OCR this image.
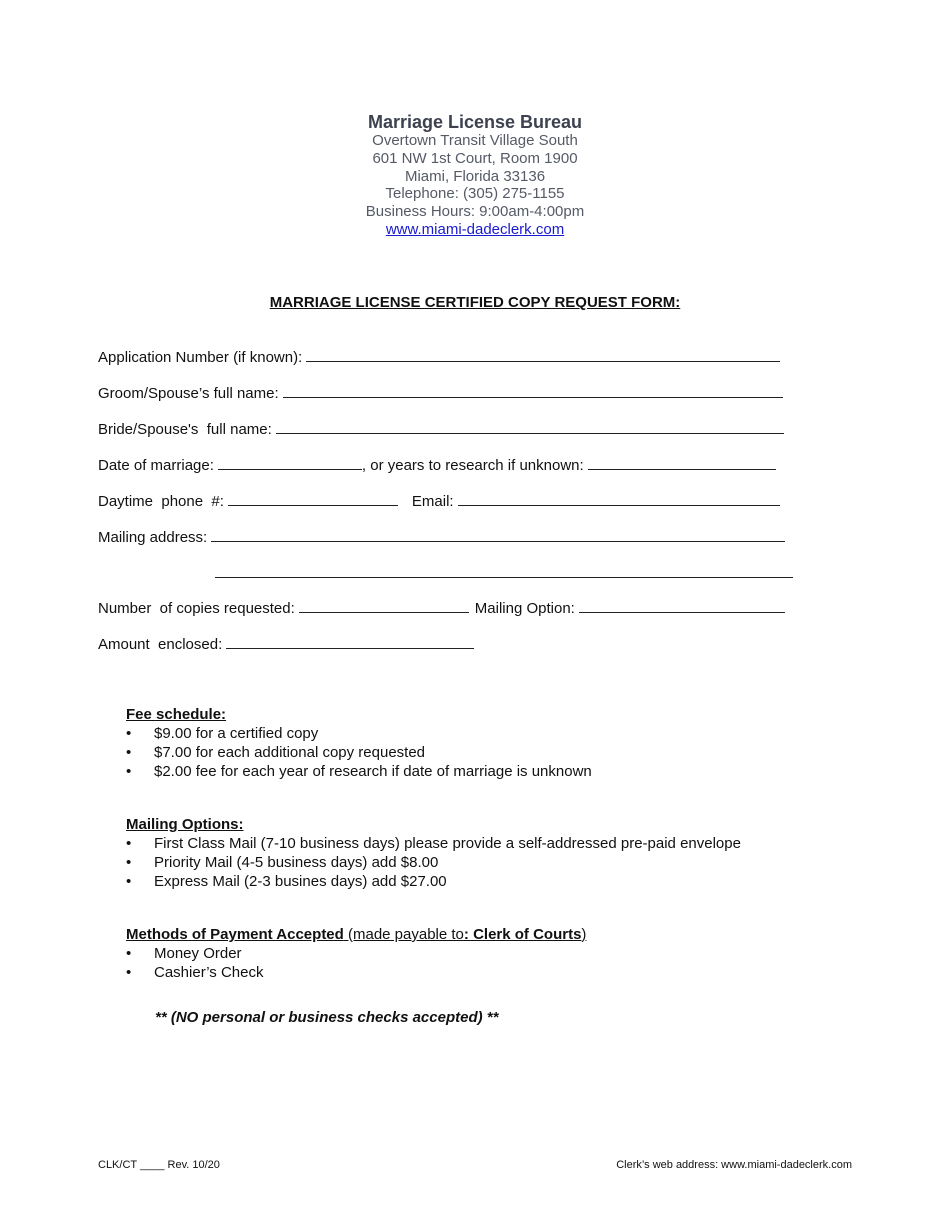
Marriage License Bureau
Overtown Transit Village South
601 NW 1st Court, Room 1900
Miami, Florida 33136
Telephone: (305) 275-1155
Business Hours: 9:00am-4:00pm
www.miami-dadeclerk.com
MARRIAGE LICENSE CERTIFIED COPY REQUEST FORM:
Application Number (if known):
Groom/Spouse’s full name:
Bride/Spouse's  full name:
Date of marriage:	, or years to research if unknown:
Daytime  phone  #:	Email:
Mailing address:
Number  of copies requested:	Mailing Option:
Amount  enclosed:
Fee schedule:
• $9.00 for a certified copy
• $7.00 for each additional copy requested
• $2.00 fee for each year of research if date of marriage is unknown
Mailing Options:
• First Class Mail (7-10 business days) please provide a self-addressed pre-paid envelope
• Priority Mail (4-5 business days) add $8.00
• Express Mail (2-3 busines days) add $27.00
Methods of Payment Accepted (made payable to: Clerk of Courts)
• Money Order
• Cashier’s Check
** (NO personal or business checks accepted) **
CLK/CT ____ Rev. 10/20	Clerk’s web address: www.miami-dadeclerk.com
